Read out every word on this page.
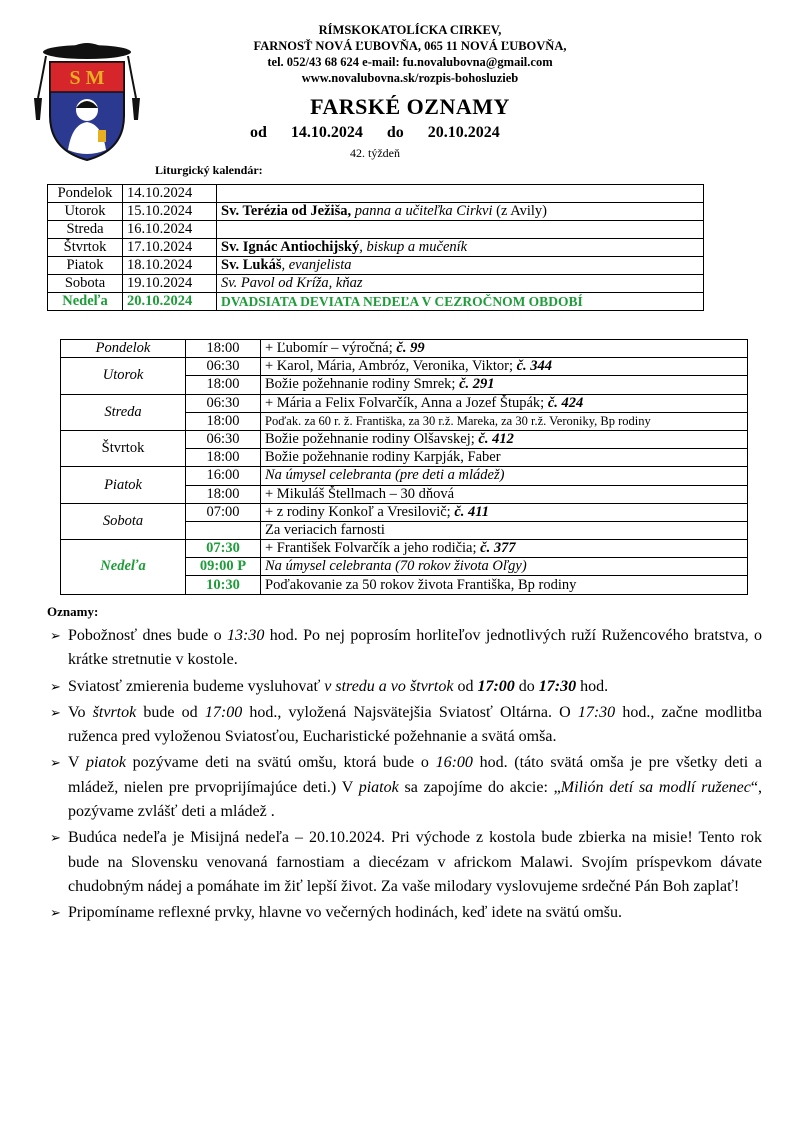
S M
RÍMSKOKATOLÍCKA CIRKEV,
FARNOSŤ NOVÁ ĽUBOVŇA, 065 11 NOVÁ ĽUBOVŇA,
tel. 052/43 68 624 e-mail: fu.novalubovna@gmail.com
www.novalubovna.sk/rozpis-bohosluzieb
FARSKÉ OZNAMY
od      14.10.2024      do      20.10.2024
42. týždeň
Liturgický kalendár:
Pondelok	14.10.2024	
Utorok	15.10.2024	Sv. Terézia od Ježiša, panna a učiteľka Cirkvi (z Avily)
Streda	16.10.2024	
Štvrtok	17.10.2024	Sv. Ignác Antiochijský, biskup a mučeník
Piatok	18.10.2024	Sv. Lukáš, evanjelista
Sobota	19.10.2024	Sv. Pavol od Kríža, kňaz
Nedeľa	20.10.2024	DVADSIATA DEVIATA NEDEĽA V CEZROČNOM OBDOBÍ
Pondelok	18:00	+ Ľubomír – výročná; č. 99
Utorok	06:30	+ Karol, Mária, Ambróz, Veronika, Viktor; č. 344
	18:00	Božie požehnanie rodiny Smrek; č. 291
Streda	06:30	+ Mária a Felix Folvarčík, Anna a Jozef Štupák; č. 424
	18:00	Poďak. za 60 r. ž. Františka, za 30 r.ž. Mareka, za 30 r.ž. Veroniky, Bp rodiny
Štvrtok	06:30	Božie požehnanie rodiny Olšavskej; č. 412
	18:00	Božie požehnanie rodiny Karpják, Faber
Piatok	16:00	Na úmysel celebranta (pre deti a mládež)
	18:00	+ Mikuláš Štellmach – 30 dňová
Sobota	07:00	+ z rodiny Konkoľ a Vresilovič; č. 411
		Za veriacich farnosti
Nedeľa	07:30	+ František Folvarčík a jeho rodičia; č. 377
	09:00 P	Na úmysel celebranta (70 rokov života Oľgy)
	10:30	Poďakovanie za 50 rokov života Františka, Bp rodiny
Oznamy:
➢ Pobožnosť dnes bude o 13:30 hod. Po nej poprosím horliteľov jednotlivých ruží Ružencového bratstva, o krátke stretnutie v kostole.
➢ Sviatosť zmierenia budeme vysluhovať v stredu a vo štvrtok od 17:00 do 17:30 hod.
➢ Vo štvrtok bude od 17:00 hod., vyložená Najsvätejšia Sviatosť Oltárna. O 17:30 hod., začne modlitba ruženca pred vyloženou Sviatosťou, Eucharistické požehnanie a svätá omša.
➢ V piatok pozývame deti na svätú omšu, ktorá bude o 16:00 hod. (táto svätá omša je pre všetky deti a mládež, nielen pre prvoprijímajúce deti.) V piatok sa zapojíme do akcie: „Milión detí sa modlí ruženec“, pozývame zvlášť deti a mládež .
➢ Budúca nedeľa je Misijná nedeľa – 20.10.2024. Pri východe z kostola bude zbierka na misie! Tento rok bude na Slovensku venovaná farnostiam a diecézam v africkom Malawi. Svojím príspevkom dávate chudobným nádej a pomáhate im žiť lepší život. Za vaše milodary vyslovujeme srdečné Pán Boh zaplať!
➢ Pripomíname reflexné prvky, hlavne vo večerných hodinách, keď idete na svätú omšu.
